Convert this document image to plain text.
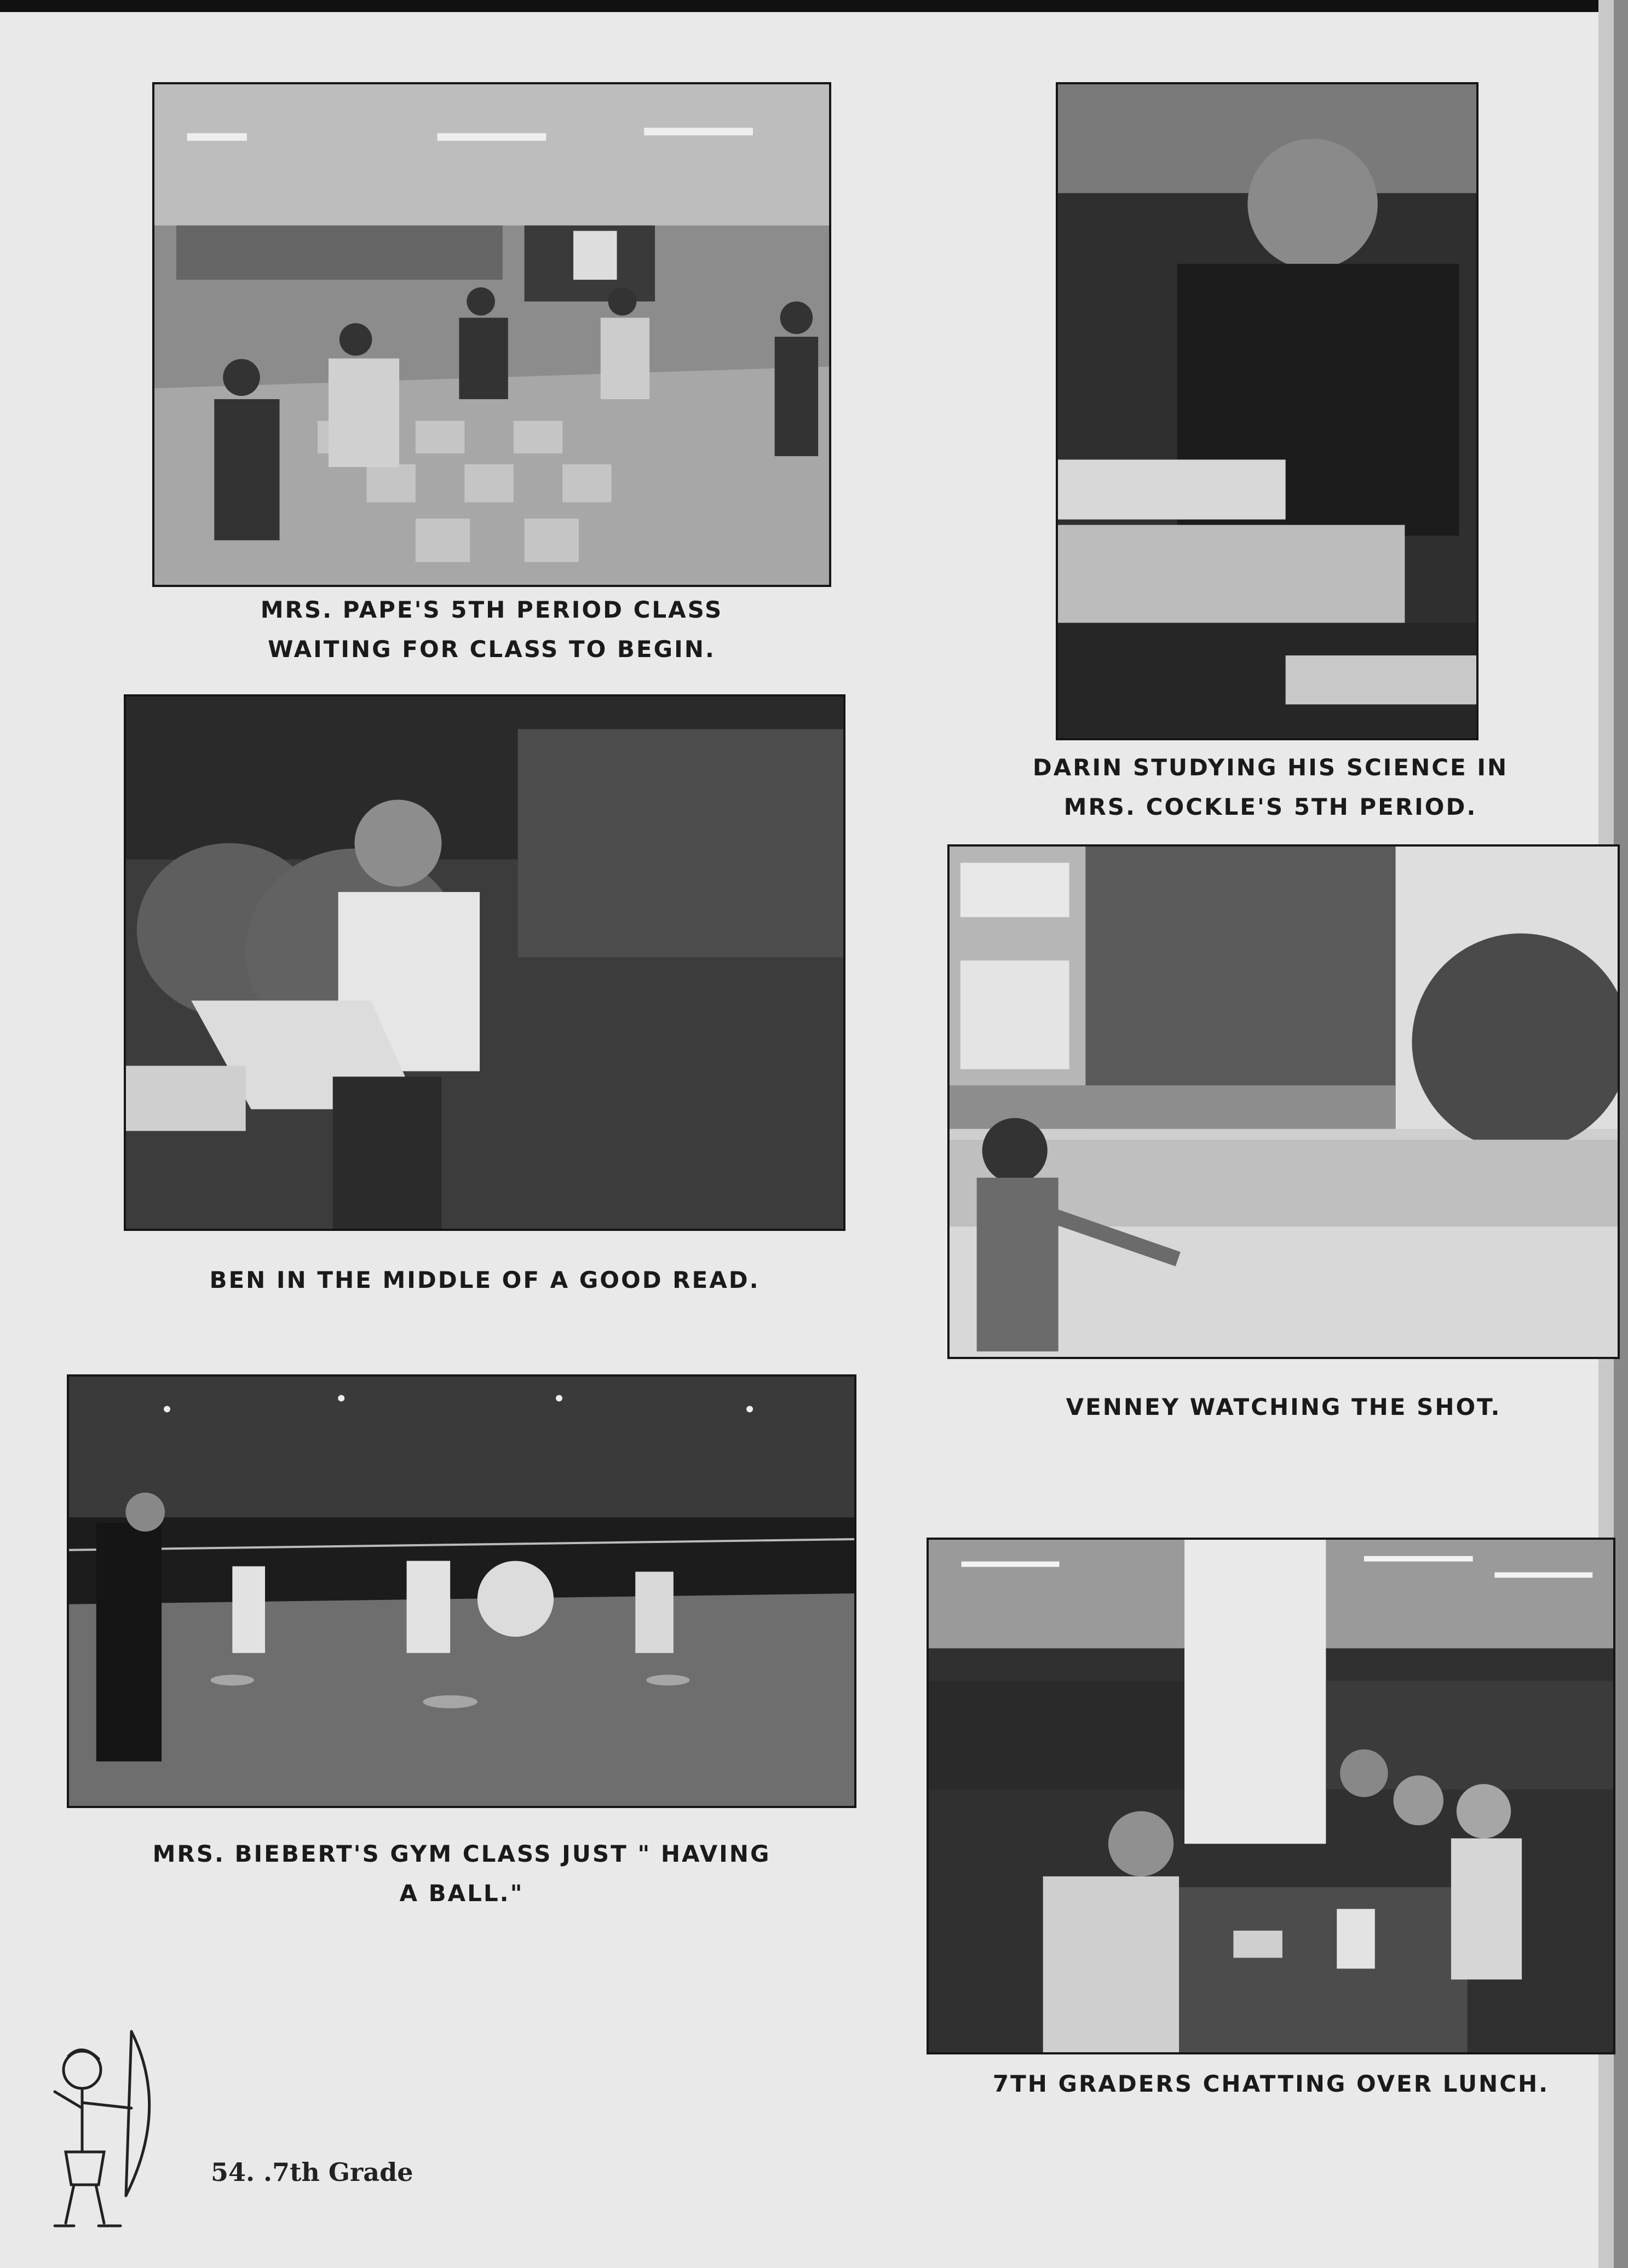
MRS. PAPE'S 5TH PERIOD CLASS
WAITING FOR CLASS TO BEGIN.
DARIN STUDYING HIS SCIENCE IN
MRS. COCKLE'S 5TH PERIOD.
BEN IN THE MIDDLE OF A GOOD READ.
VENNEY WATCHING THE SHOT.
MRS. BIEBERT'S GYM CLASS JUST " HAVING
A BALL."
7TH GRADERS CHATTING OVER LUNCH.
54. .7th Grade
